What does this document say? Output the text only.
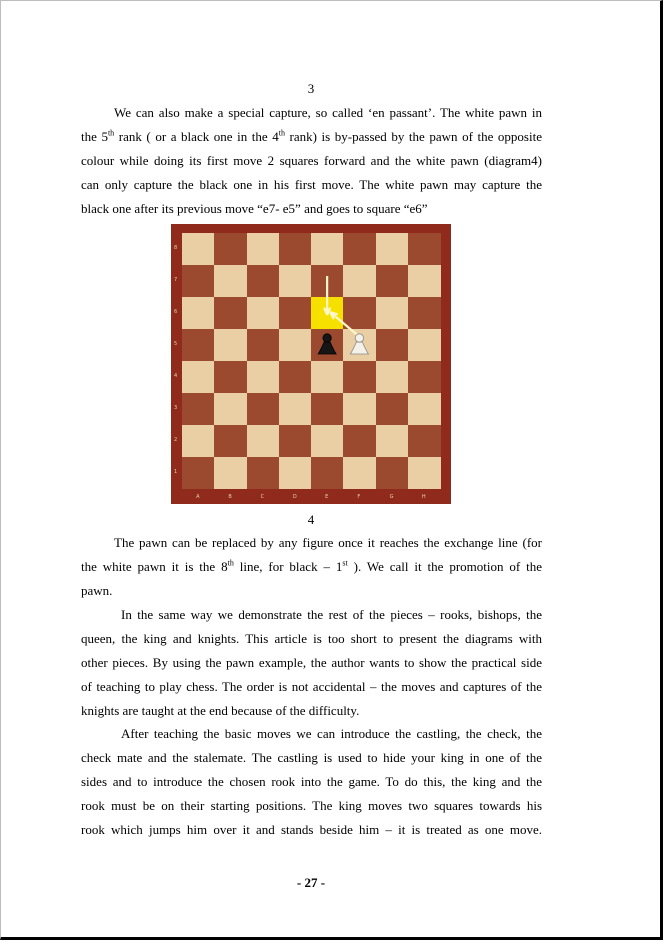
3
We can also make a special capture, so called ‘en passant’. The white pawn in
the 5th rank ( or a black one in the 4th rank) is by-passed by the pawn of the opposite
colour while doing its first move 2 squares forward and the white pawn (diagram4)
can only capture the black one in his first move. The white pawn may capture the
black one after its previous move “e7- e5” and goes to square “e6”
8
7
6
5
4
3
2
1
A	B	C	D	E	F	G	H
4
The pawn can be replaced by any figure once it reaches the exchange line (for
the white pawn it is the 8th line, for black – 1st ). We call it the promotion of the
pawn.
In the same way we demonstrate the rest of the pieces – rooks, bishops, the
queen, the king and knights. This article is too short to present the diagrams with
other pieces. By using the pawn example, the author wants to show the practical side
of teaching to play chess. The order is not accidental – the moves and captures of the
knights are taught at the end because of the difficulty.
After teaching the basic moves we can introduce the castling, the check, the
check mate and the stalemate. The castling is used to hide your king in one of the
sides and to introduce the chosen rook into the game. To do this, the king and the
rook must be on their starting positions. The king moves two squares towards his
rook which jumps him over it and stands beside him – it is treated as one move.
- 27 -
